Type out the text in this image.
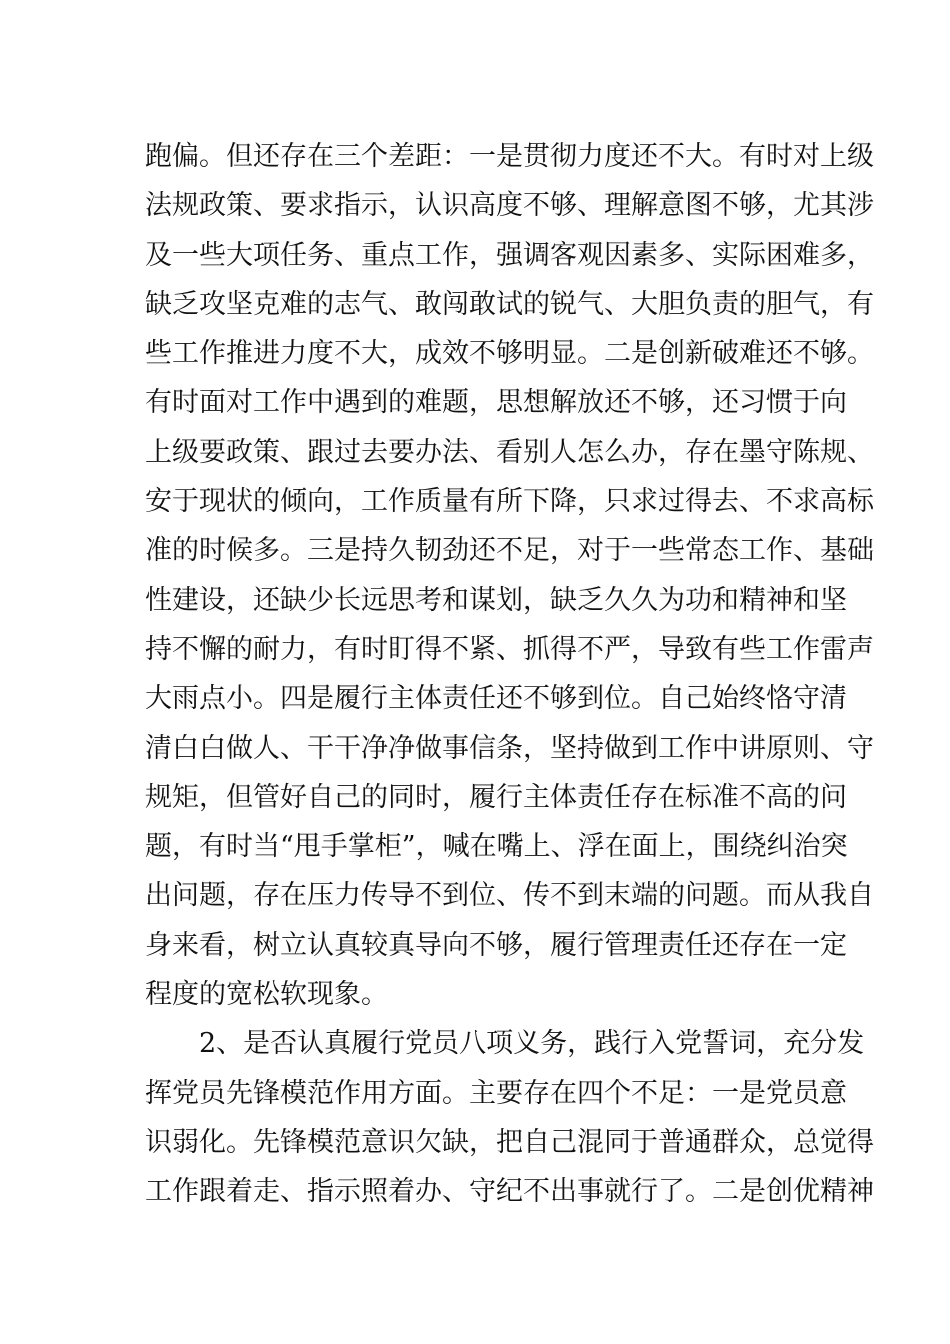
跑偏。但还存在三个差距：一是贯彻力度还不大。有时对上级
法规政策、要求指示，认识高度不够、理解意图不够，尤其涉
及一些大项任务、重点工作，强调客观因素多、实际困难多，
缺乏攻坚克难的志气、敢闯敢试的锐气、大胆负责的胆气，有
些工作推进力度不大，成效不够明显。二是创新破难还不够。
有时面对工作中遇到的难题，思想解放还不够，还习惯于向
上级要政策、跟过去要办法、看别人怎么办，存在墨守陈规、
安于现状的倾向，工作质量有所下降，只求过得去、不求高标
准的时候多。三是持久韧劲还不足，对于一些常态工作、基础
性建设，还缺少长远思考和谋划，缺乏久久为功和精神和坚
持不懈的耐力，有时盯得不紧、抓得不严，导致有些工作雷声
大雨点小。四是履行主体责任还不够到位。自己始终恪守清
清白白做人、干干净净做事信条，坚持做到工作中讲原则、守
规矩，但管好自己的同时，履行主体责任存在标准不高的问
题，有时当“甩手掌柜”，喊在嘴上、浮在面上，围绕纠治突
出问题，存在压力传导不到位、传不到末端的问题。而从我自
身来看，树立认真较真导向不够，履行管理责任还存在一定
程度的宽松软现象。
2、是否认真履行党员八项义务，践行入党誓词，充分发
挥党员先锋模范作用方面。主要存在四个不足：一是党员意
识弱化。先锋模范意识欠缺，把自己混同于普通群众，总觉得
工作跟着走、指示照着办、守纪不出事就行了。二是创优精神
